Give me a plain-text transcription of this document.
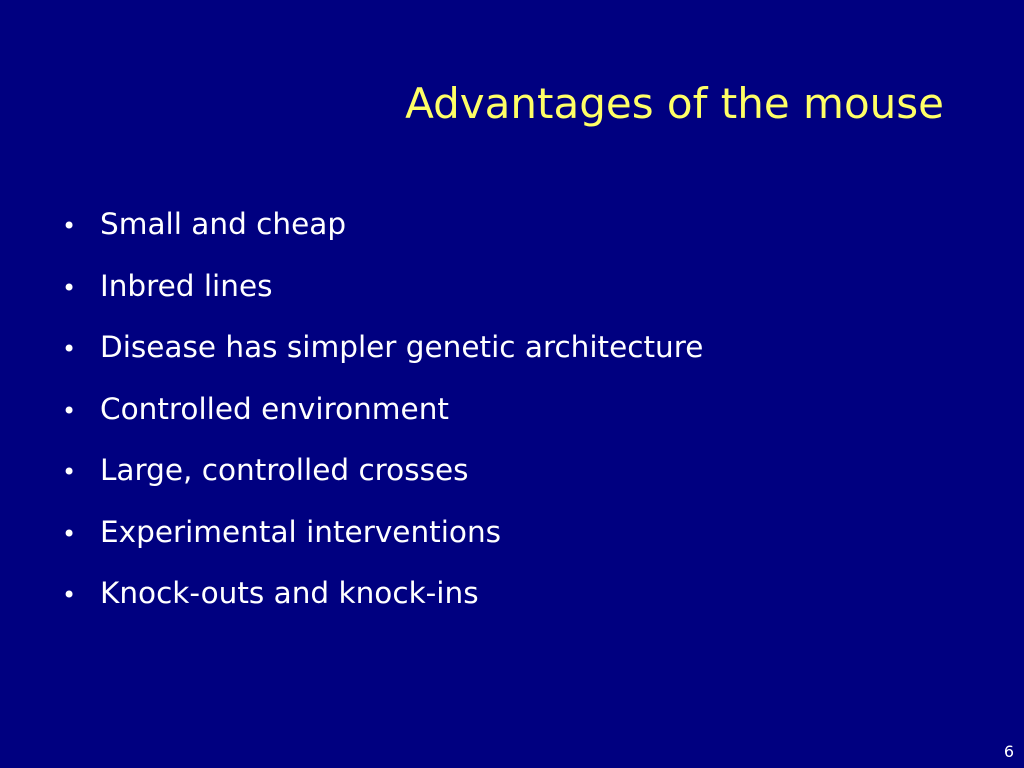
Advantages of the mouse
• Small and cheap
• Inbred lines
• Disease has simpler genetic architecture
• Controlled environment
• Large, controlled crosses
• Experimental interventions
• Knock-outs and knock-ins
6
